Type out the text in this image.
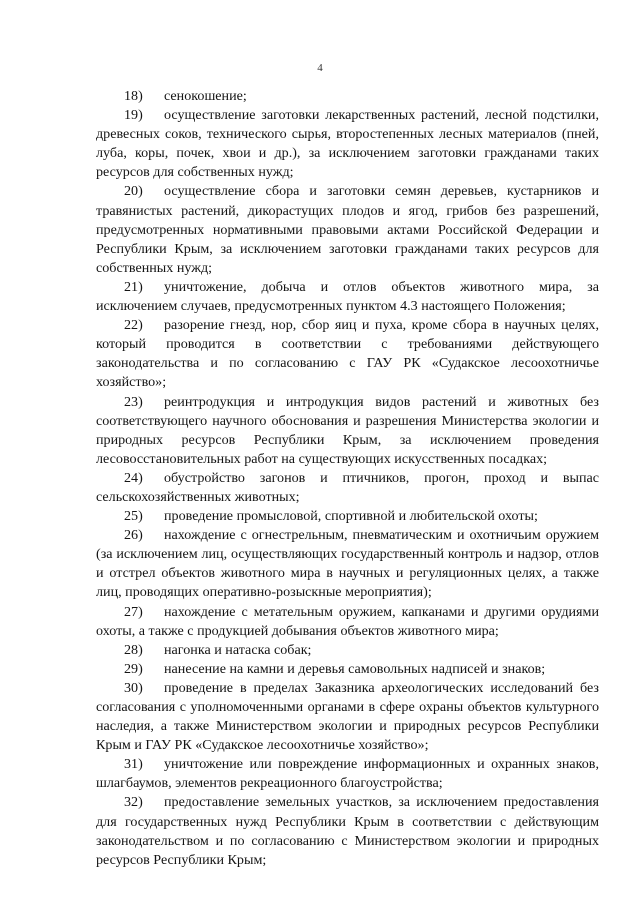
4

18) сенокошение;

19) осуществление заготовки лекарственных растений, лесной подстилки, древесных соков, технического сырья, второстепенных лесных материалов (пней, луба, коры, почек, хвои и др.), за исключением заготовки гражданами таких ресурсов для собственных нужд;

20) осуществление сбора и заготовки семян деревьев, кустарников и травянистых растений, дикорастущих плодов и ягод, грибов без разрешений, предусмотренных нормативными правовыми актами Российской Федерации и Республики Крым, за исключением заготовки гражданами таких ресурсов для собственных нужд;

21) уничтожение, добыча и отлов объектов животного мира, за исключением случаев, предусмотренных пунктом 4.3 настоящего Положения;

22) разорение гнезд, нор, сбор яиц и пуха, кроме сбора в научных целях, который проводится в соответствии с требованиями действующего законодательства и по согласованию с ГАУ РК «Судакское лесоохотничье хозяйство»;

23) реинтродукция и интродукция видов растений и животных без соответствующего научного обоснования и разрешения Министерства экологии и природных ресурсов Республики Крым, за исключением проведения лесовосстановительных работ на существующих искусственных посадках;

24) обустройство загонов и птичников, прогон, проход и выпас сельскохозяйственных животных;

25) проведение промысловой, спортивной и любительской охоты;

26) нахождение с огнестрельным, пневматическим и охотничьим оружием (за исключением лиц, осуществляющих государственный контроль и надзор, отлов и отстрел объектов животного мира в научных и регуляционных целях, а также лиц, проводящих оперативно-розыскные мероприятия);

27) нахождение с метательным оружием, капканами и другими орудиями охоты, а также с продукцией добывания объектов животного мира;

28) нагонка и натаска собак;

29) нанесение на камни и деревья самовольных надписей и знаков;

30) проведение в пределах Заказника археологических исследований без согласования с уполномоченными органами в сфере охраны объектов культурного наследия, а также Министерством экологии и природных ресурсов Республики Крым и ГАУ РК «Судакское лесоохотничье хозяйство»;

31) уничтожение или повреждение информационных и охранных знаков, шлагбаумов, элементов рекреационного благоустройства;

32) предоставление земельных участков, за исключением предоставления для государственных нужд Республики Крым в соответствии с действующим законодательством и по согласованию с Министерством экологии и природных ресурсов Республики Крым;
